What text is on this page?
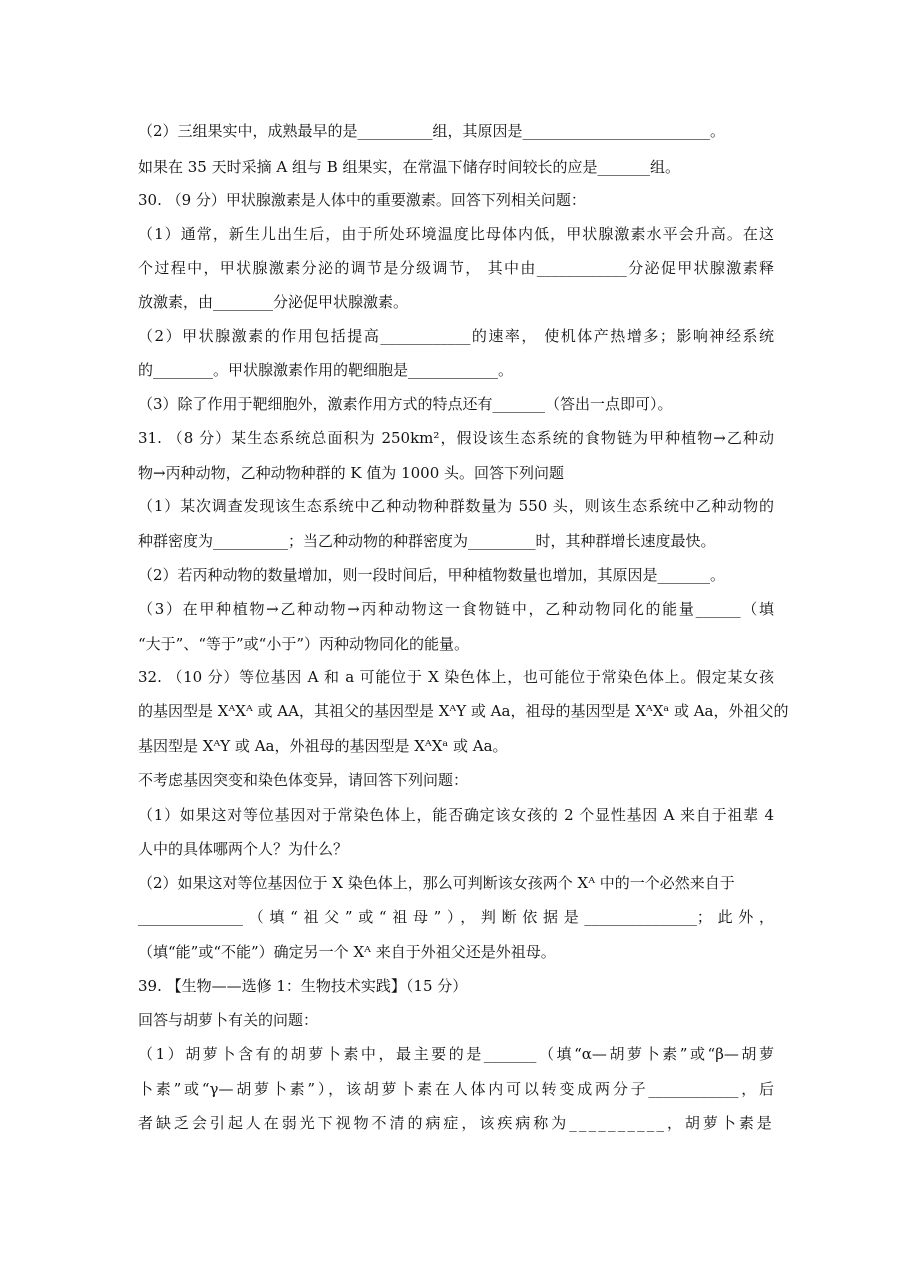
（2）三组果实中，成熟最早的是__________组，其原因是_________________________。
如果在 35 天时采摘 A 组与 B 组果实，在常温下储存时间较长的应是_______组。
30. （9 分）甲状腺激素是人体中的重要激素。回答下列相关问题：
（1）通常，新生儿出生后，由于所处环境温度比母体内低，甲状腺激素水平会升高。在这
个过程中，甲状腺激素分泌的调节是分级调节， 其中由____________分泌促甲状腺激素释
放激素，由________分泌促甲状腺激素。
（2）甲状腺激素的作用包括提高____________的速率， 使机体产热增多；影响神经系统
的________。甲状腺激素作用的靶细胞是____________。
（3）除了作用于靶细胞外，激素作用方式的特点还有_______（答出一点即可）。
31. （8 分）某生态系统总面积为 250km²，假设该生态系统的食物链为甲种植物→乙种动
物→丙种动物，乙种动物种群的 K 值为 1000 头。回答下列问题
（1）某次调查发现该生态系统中乙种动物种群数量为 550 头，则该生态系统中乙种动物的
种群密度为__________；当乙种动物的种群密度为_________时，其种群增长速度最快。
（2）若丙种动物的数量增加，则一段时间后，甲种植物数量也增加，其原因是_______。
（3）在甲种植物→乙种动物→丙种动物这一食物链中，乙种动物同化的能量______（填
“大于”、“等于”或“小于”）丙种动物同化的能量。
32. （10 分）等位基因 A 和 a 可能位于 X 染色体上，也可能位于常染色体上。假定某女孩
的基因型是 XᴬXᴬ 或 AA，其祖父的基因型是 XᴬY 或 Aa，祖母的基因型是 XᴬXᵃ 或 Aa，外祖父的
基因型是 XᴬY 或 Aa，外祖母的基因型是 XᴬXᵃ 或 Aa。
不考虑基因突变和染色体变异，请回答下列问题：
（1）如果这对等位基因对于常染色体上，能否确定该女孩的 2 个显性基因 A 来自于祖辈 4
人中的具体哪两个人？为什么？
（2）如果这对等位基因位于 X 染色体上，那么可判断该女孩两个 Xᴬ 中的一个必然来自于
______________（填“祖父”或“祖母”），判断依据是_______________；此外，
（填“能”或“不能”）确定另一个 Xᴬ 来自于外祖父还是外祖母。
39. 【生物——选修 1：生物技术实践】（15 分）
回答与胡萝卜有关的问题：
（1）胡萝卜含有的胡萝卜素中，最主要的是_______（填“α—胡萝卜素”或“β—胡萝
卜素”或“γ—胡萝卜素”），该胡萝卜素在人体内可以转变成两分子____________，后
者缺乏会引起人在弱光下视物不清的病症，该疾病称为__________，胡萝卜素是
